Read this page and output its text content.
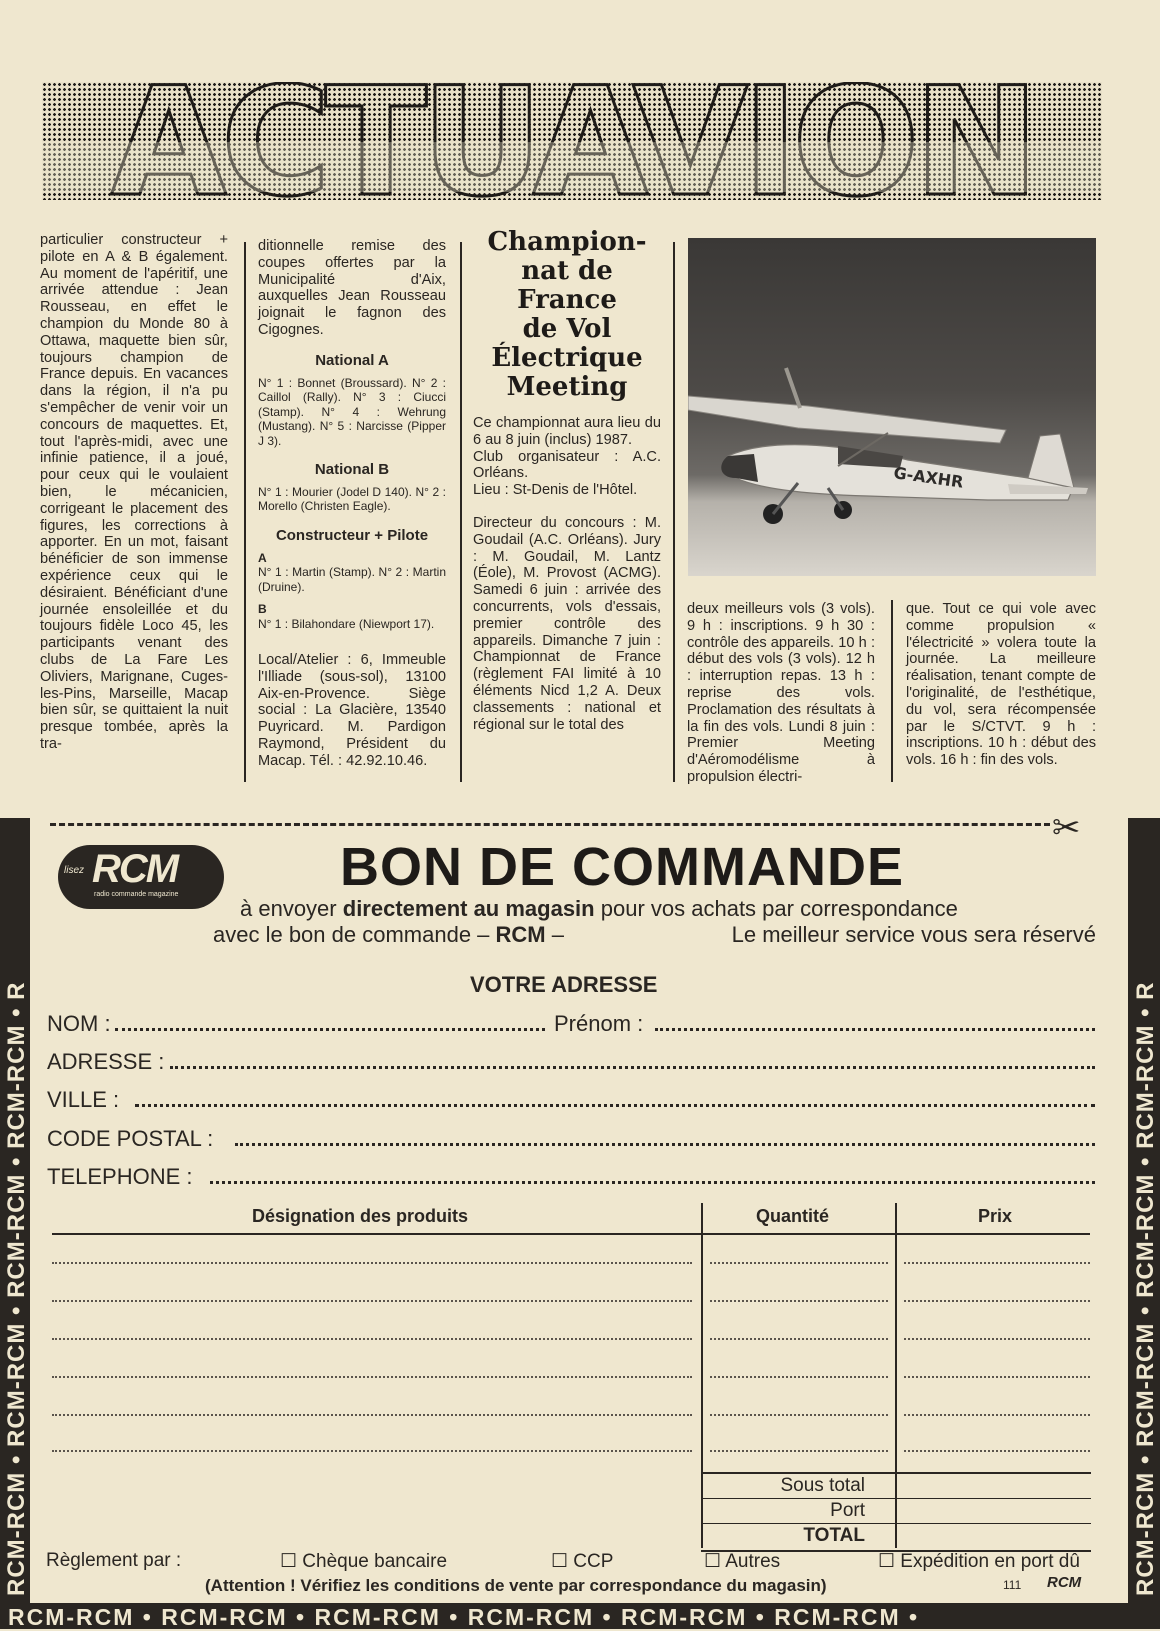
ACTUAVION

particulier constructeur + pilote en A & B également. Au moment de l'apéritif, une arrivée attendue : Jean Rousseau, en effet le champion du Monde 80 à Ottawa, maquette bien sûr, toujours champion de France depuis. En vacances dans la région, il n'a pu s'empêcher de venir voir un concours de maquettes. Et, tout l'après-midi, avec une infinie patience, il a joué, pour ceux qui le voulaient bien, le mécanicien, corrigeant le placement des figures, les corrections à apporter. En un mot, faisant bénéficier de son immense expérience ceux qui le désiraient. Bénéficiant d'une journée ensoleillée et du toujours fidèle Loco 45, les participants venant des clubs de La Fare Les Oliviers, Marignane, Cuges-les-Pins, Marseille, Macap bien sûr, se quittaient la nuit presque tombée, après la tra-

ditionnelle remise des coupes offertes par la Municipalité d'Aix, auxquelles Jean Rousseau joignait le fagnon des Cigognes.

National A

N° 1 : Bonnet (Broussard). N° 2 : Caillol (Rally). N° 3 : Ciucci (Stamp). N° 4 : Wehrung (Mustang). N° 5 : Narcisse (Pipper J 3).

National B

N° 1 : Mourier (Jodel D 140). N° 2 : Morello (Christen Eagle).

Constructeur + Pilote

A

N° 1 : Martin (Stamp). N° 2 : Martin (Druine).

B

N° 1 : Bilahondare (Niewport 17).

Local/Atelier : 6, Immeuble l'Illiade (sous-sol), 13100 Aix-en-Provence. Siège social : La Glacière, 13540 Puyricard. M. Pardigon Raymond, Président du Macap. Tél. : 42.92.10.46.

Champion-
nat de
France
de Vol
Électrique
Meeting

Ce championnat aura lieu du 6 au 8 juin (inclus) 1987.

Club organisateur : A.C. Orléans.

Lieu : St-Denis de l'Hôtel.

Directeur du concours : M. Goudail (A.C. Orléans). Jury : M. Goudail, M. Lantz (Éole), M. Provost (ACMG). Samedi 6 juin : arrivée des concurrents, vols d'essais, premier contrôle des appareils. Dimanche 7 juin : Championnat de France (règlement FAI limité à 10 éléments Nicd 1,2 A. Deux classements : national et régional sur le total des

G-AXHR

deux meilleurs vols (3 vols). 9 h : inscriptions. 9 h 30 : contrôle des appareils. 10 h : début des vols (3 vols). 12 h : interruption repas. 13 h : reprise des vols. Proclamation des résultats à la fin des vols. Lundi 8 juin : Premier Meeting d'Aéromodélisme à propulsion électri-

que. Tout ce qui vole avec comme propulsion « l'électricité » volera toute la journée. La meilleure réalisation, tenant compte de l'originalité, de l'esthétique, du vol, sera récompensée par le S/CTVT. 9 h : inscriptions. 10 h : début des vols. 16 h : fin des vols.

RCM-RCM • RCM-RCM • RCM-RCM • RCM-RCM • R	RCM-RCM • RCM-RCM • RCM-RCM • RCM-RCM • R
RCM-RCM • RCM-RCM • RCM-RCM • RCM-RCM • RCM-RCM • RCM-RCM •
✂
lisez RCM
radio commande magazine	BON DE COMMANDE
à envoyer directement au magasin pour vos achats par correspondance
avec le bon de commande – RCM –	Le meilleur service vous sera réservé
VOTRE ADRESSE
NOM :	Prénom :
ADRESSE :
VILLE :
CODE POSTAL :
TELEPHONE :
Désignation des produits	Quantité	Prix
Sous total
Port
TOTAL
Règlement par :	☐ Chèque bancaire	☐ CCP	☐ Autres	☐ Expédition en port dû
(Attention ! Vérifiez les conditions de vente par correspondance du magasin)	111 RCM
